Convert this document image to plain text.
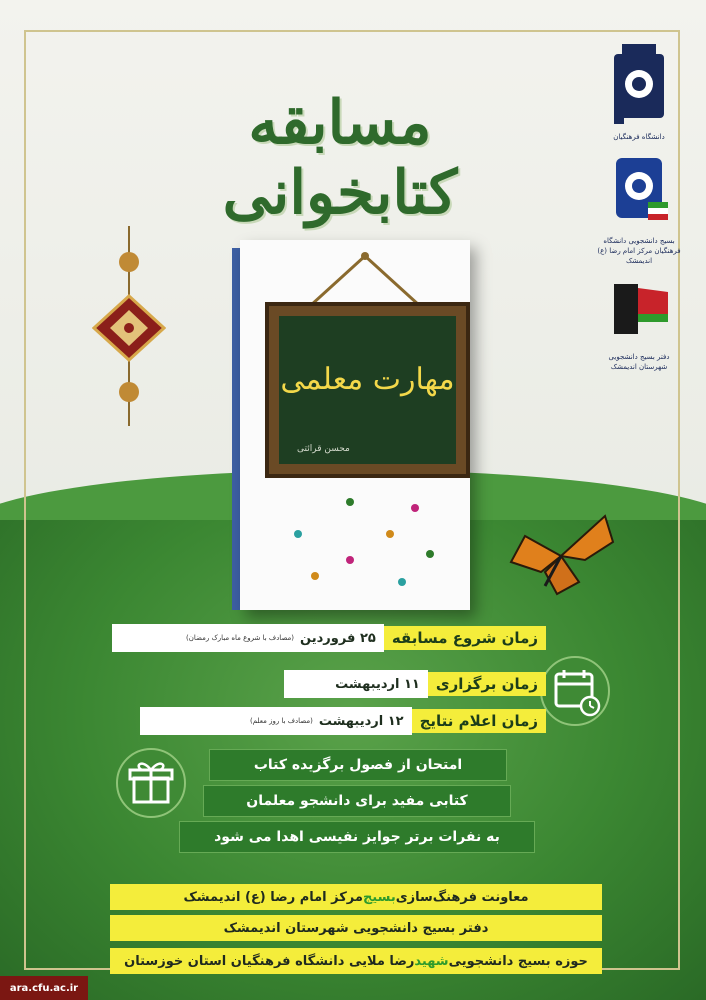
مسابقه کتابخوانی
دانشگاه فرهنگیان
بسیج دانشجویی دانشگاه فرهنگیان مرکز امام رضا (ع) اندیمشک
دفتر بسیج دانشجویی شهرستان اندیمشک
مهارت معلمی
محسن قرائتی
زمان شروع مسابقه
۲۵ فروردین
(مصادف با شروع ماه مبارک رمضان)
زمان برگزاری
۱۱ اردیبهشت
زمان اعلام نتایج
۱۲ اردیبهشت
(مصادف با روز معلم)
امتحان از فصول برگزیده کتاب
کتابی مفید برای دانشجو معلمان
به نفرات برتر جوایز نفیسی اهدا می شود
معاونت فرهنگ‌سازی
بسیج
مرکز امام رضا (ع) اندیمشک
دفتر بسیج دانشجویی شهرستان اندیمشک
حوزه بسیج دانشجویی
شهید
رضا ملایی دانشگاه فرهنگیان استان خوزستان
ara.cfu.ac.ir
